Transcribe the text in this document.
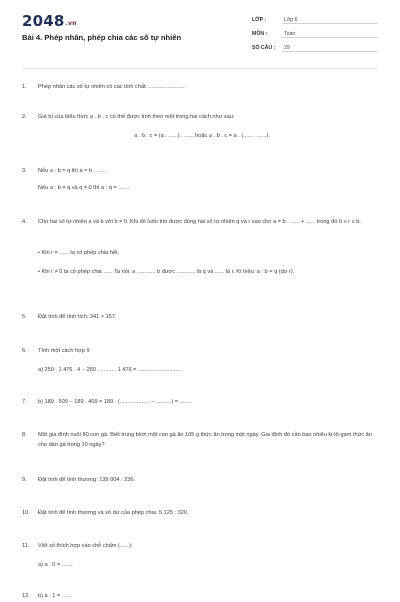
2048.vn
Bài 4. Phép nhân, phép chia các số tự nhiên
LỚP :	Lớp 6
MÔN :	Toán
SỐ CÂU : 29
1.	Phép nhân các số tự nhiên có các tính chất: ........................
2.	Giá trị của biểu thức a . b . c có thể được tính theo một trong hai cách như sau:
a . b . c = (a . ......) . ...... hoặc a . b . c = a . (...... . ......).
3.	Nếu a : b = q thì a = b . ......
Nếu a : b = q và q ≠ 0 thì a : q = .......
4.	Cho hai số tự nhiên a và b với b ≠ 0. Khi đó luôn tìm được đúng hai số tự nhiên q và r sao cho a = b . ...... + ...... trong đó 0 ≤ r ≤ b.
• Khi r = ...... ta có phép chia hết.
• Khi r ≠ 0 ta có phép chia ...... Ta nói: a ............ b được ............ là q và ...... là r. Kí hiệu: a : b = q (dư r).
5.	Đặt tính để tính tích: 341 × 157.
6.	Tính một cách hợp lí:
a) 250 . 1 476 . 4 − 250 . ........ . 1 476 = ............................
7.	b) 189 . 509 − 189 . 409 = 189 . (................... − ..........) = ........
8.	Một gia đình nuôi 80 con gà. Biết trung bình một con gà ăn 105 g thức ăn trong một ngày. Gia đình đó cần bao nhiêu ki-lô-gam thức ăn cho đàn gà trong 10 ngày?
9.	Đặt tính để tính thương: 139 004 : 236.
10.	Đặt tính để tính thương và số dư của phép chia: 5 125 : 320.
11.	Viết số thích hợp vào chỗ chấm (......):
a) a . 0 = ......;
12.	b) a : 1 = ......
